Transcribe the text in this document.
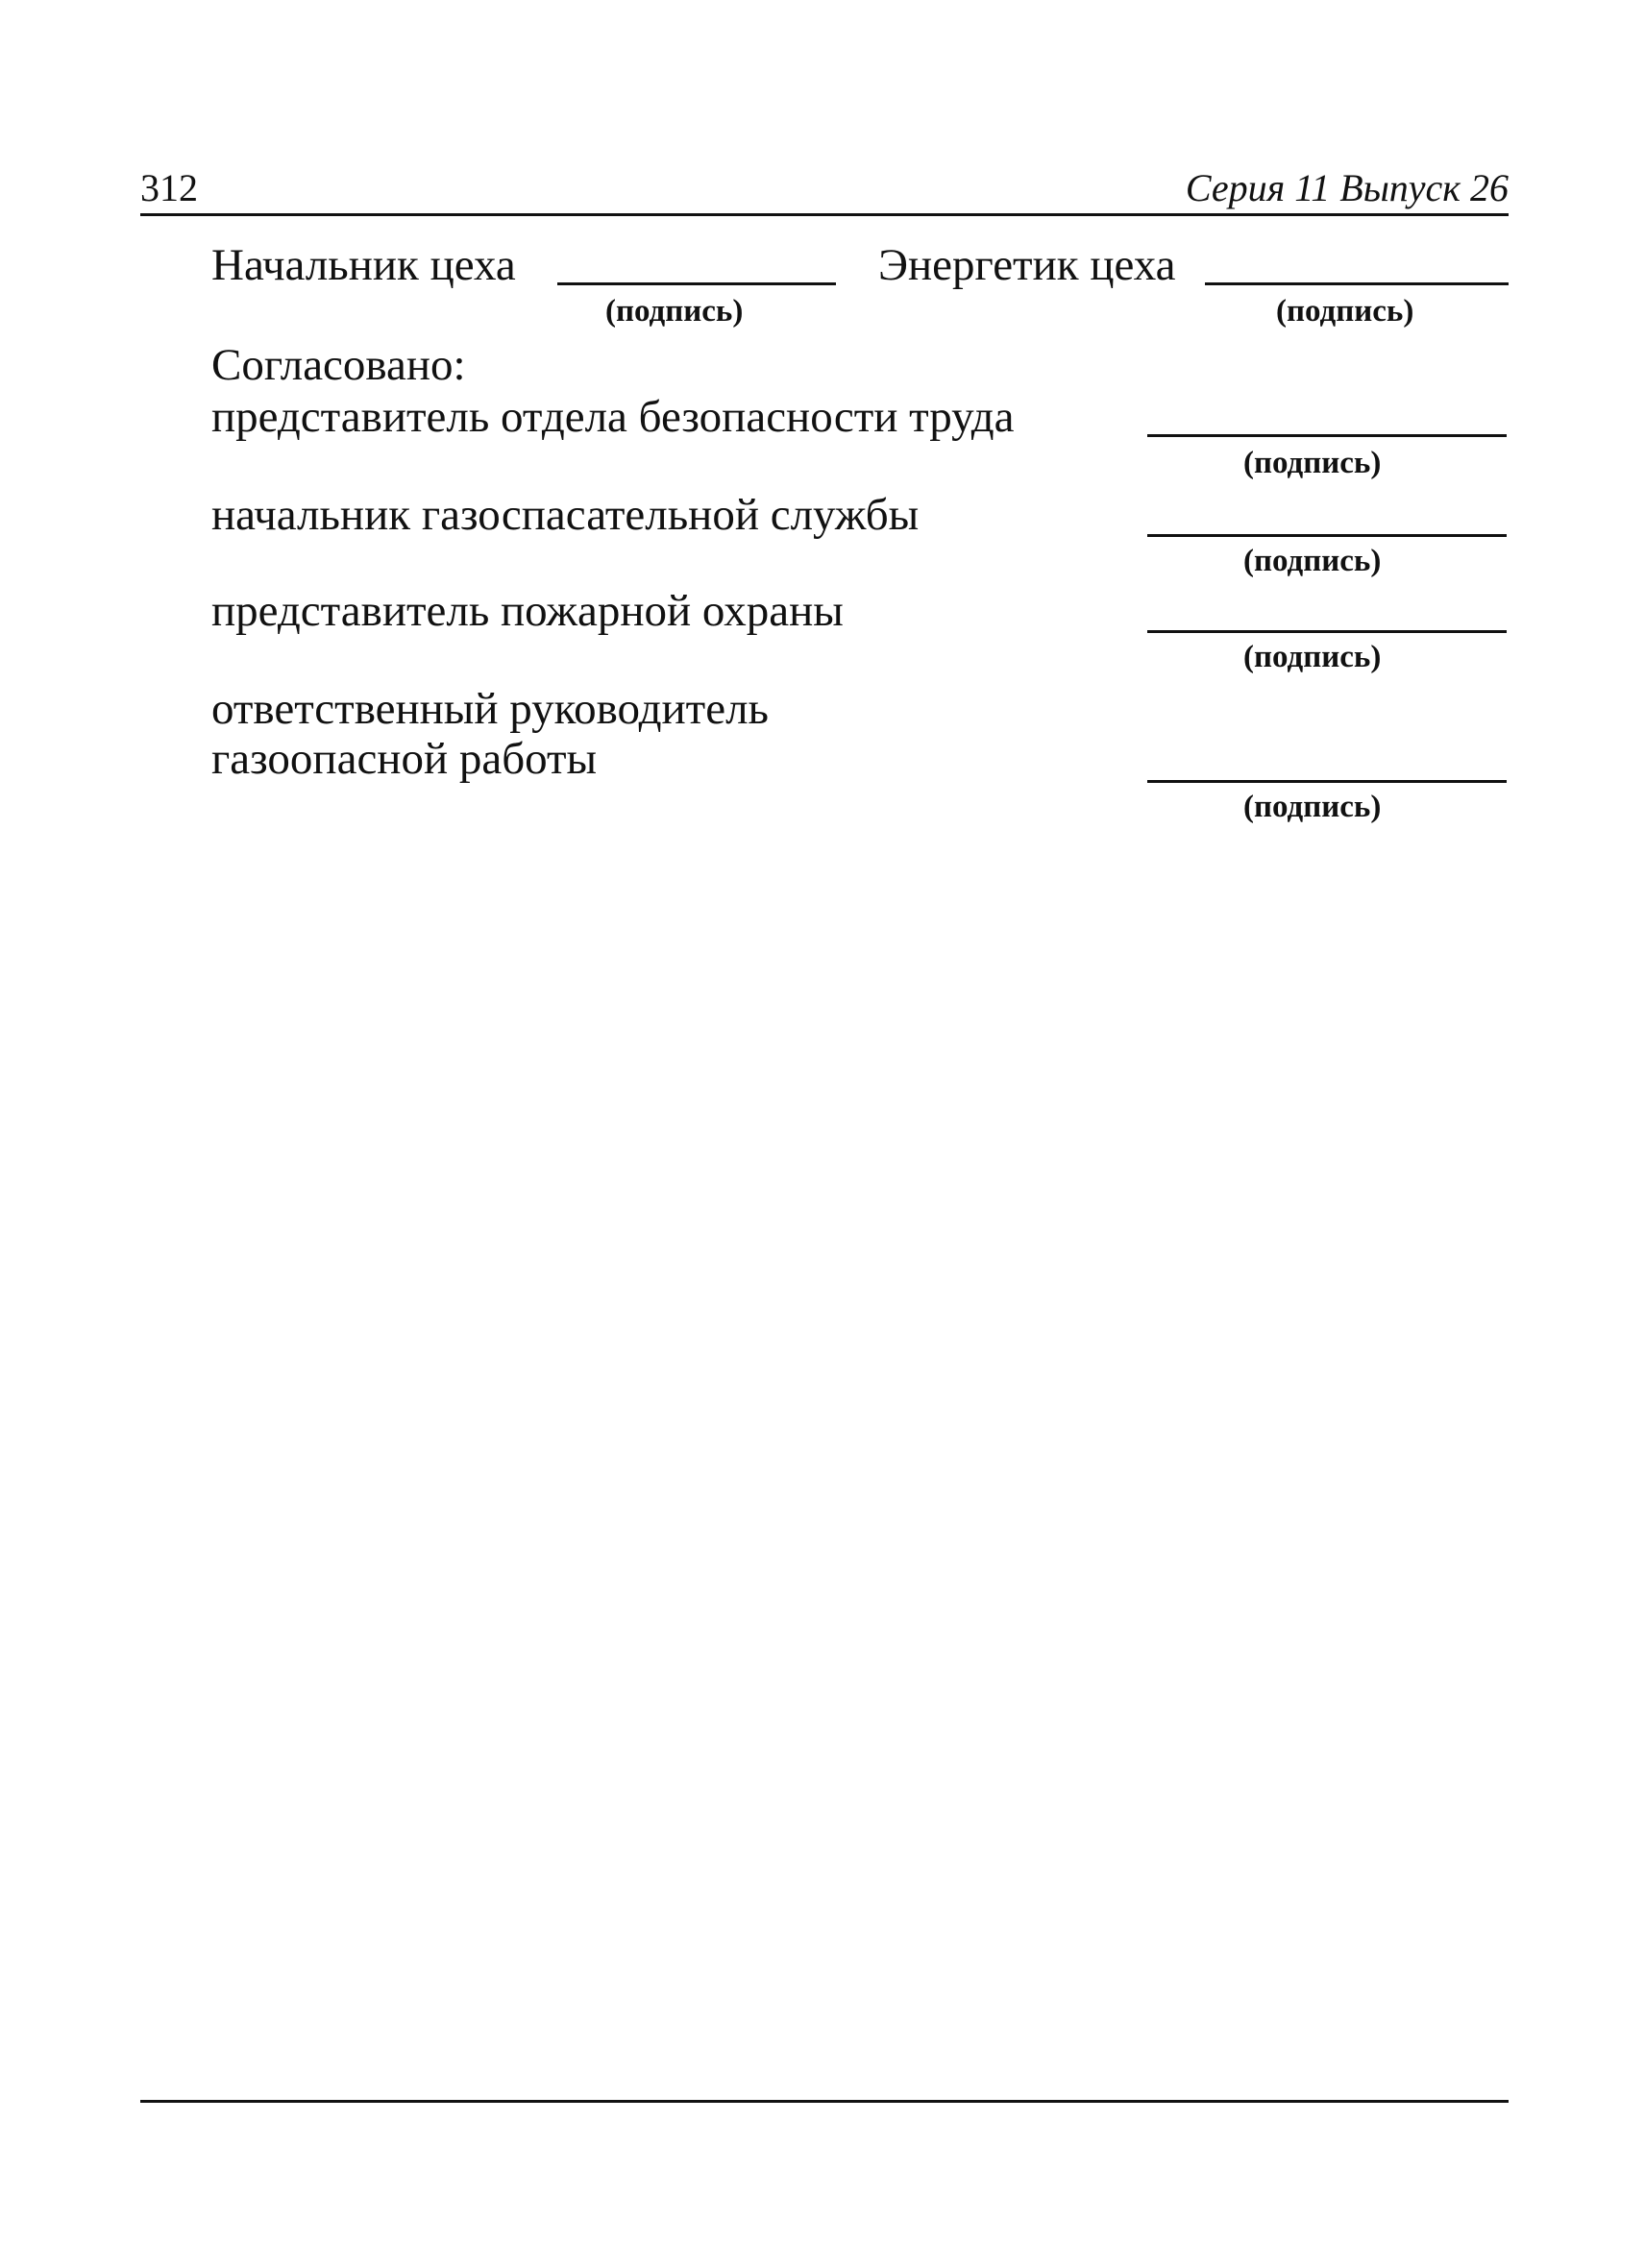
312	Серия 11 Выпуск 26
Начальник цеха
(подпись)
Энергетик цеха
(подпись)
Согласовано:
представитель отдела безопасности труда
(подпись)
начальник газоспасательной службы
(подпись)
представитель пожарной охраны
(подпись)
ответственный руководитель
газоопасной работы
(подпись)
